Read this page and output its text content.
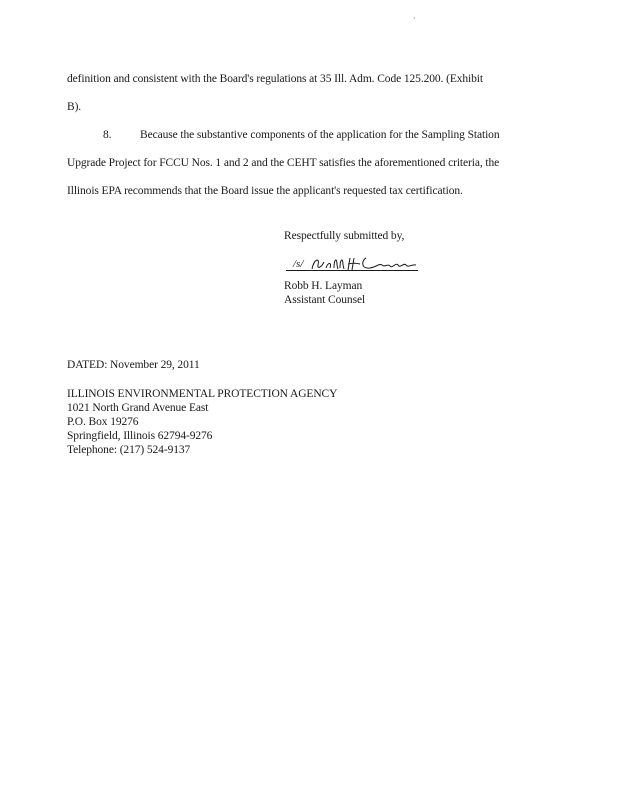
·
definition and consistent with the Board's regulations at 35 Ill. Adm. Code 125.200. (Exhibit
B).
8. Because the substantive components of the application for the Sampling Station
Upgrade Project for FCCU Nos. 1 and 2 and the CEHT satisfies the aforementioned criteria, the
Illinois EPA recommends that the Board issue the applicant's requested tax certification.
Respectfully submitted by,
/s/
Robb H. Layman
Assistant Counsel
DATED: November 29, 2011
ILLINOIS ENVIRONMENTAL PROTECTION AGENCY
1021 North Grand Avenue East
P.O. Box 19276
Springfield, Illinois 62794-9276
Telephone: (217) 524-9137
